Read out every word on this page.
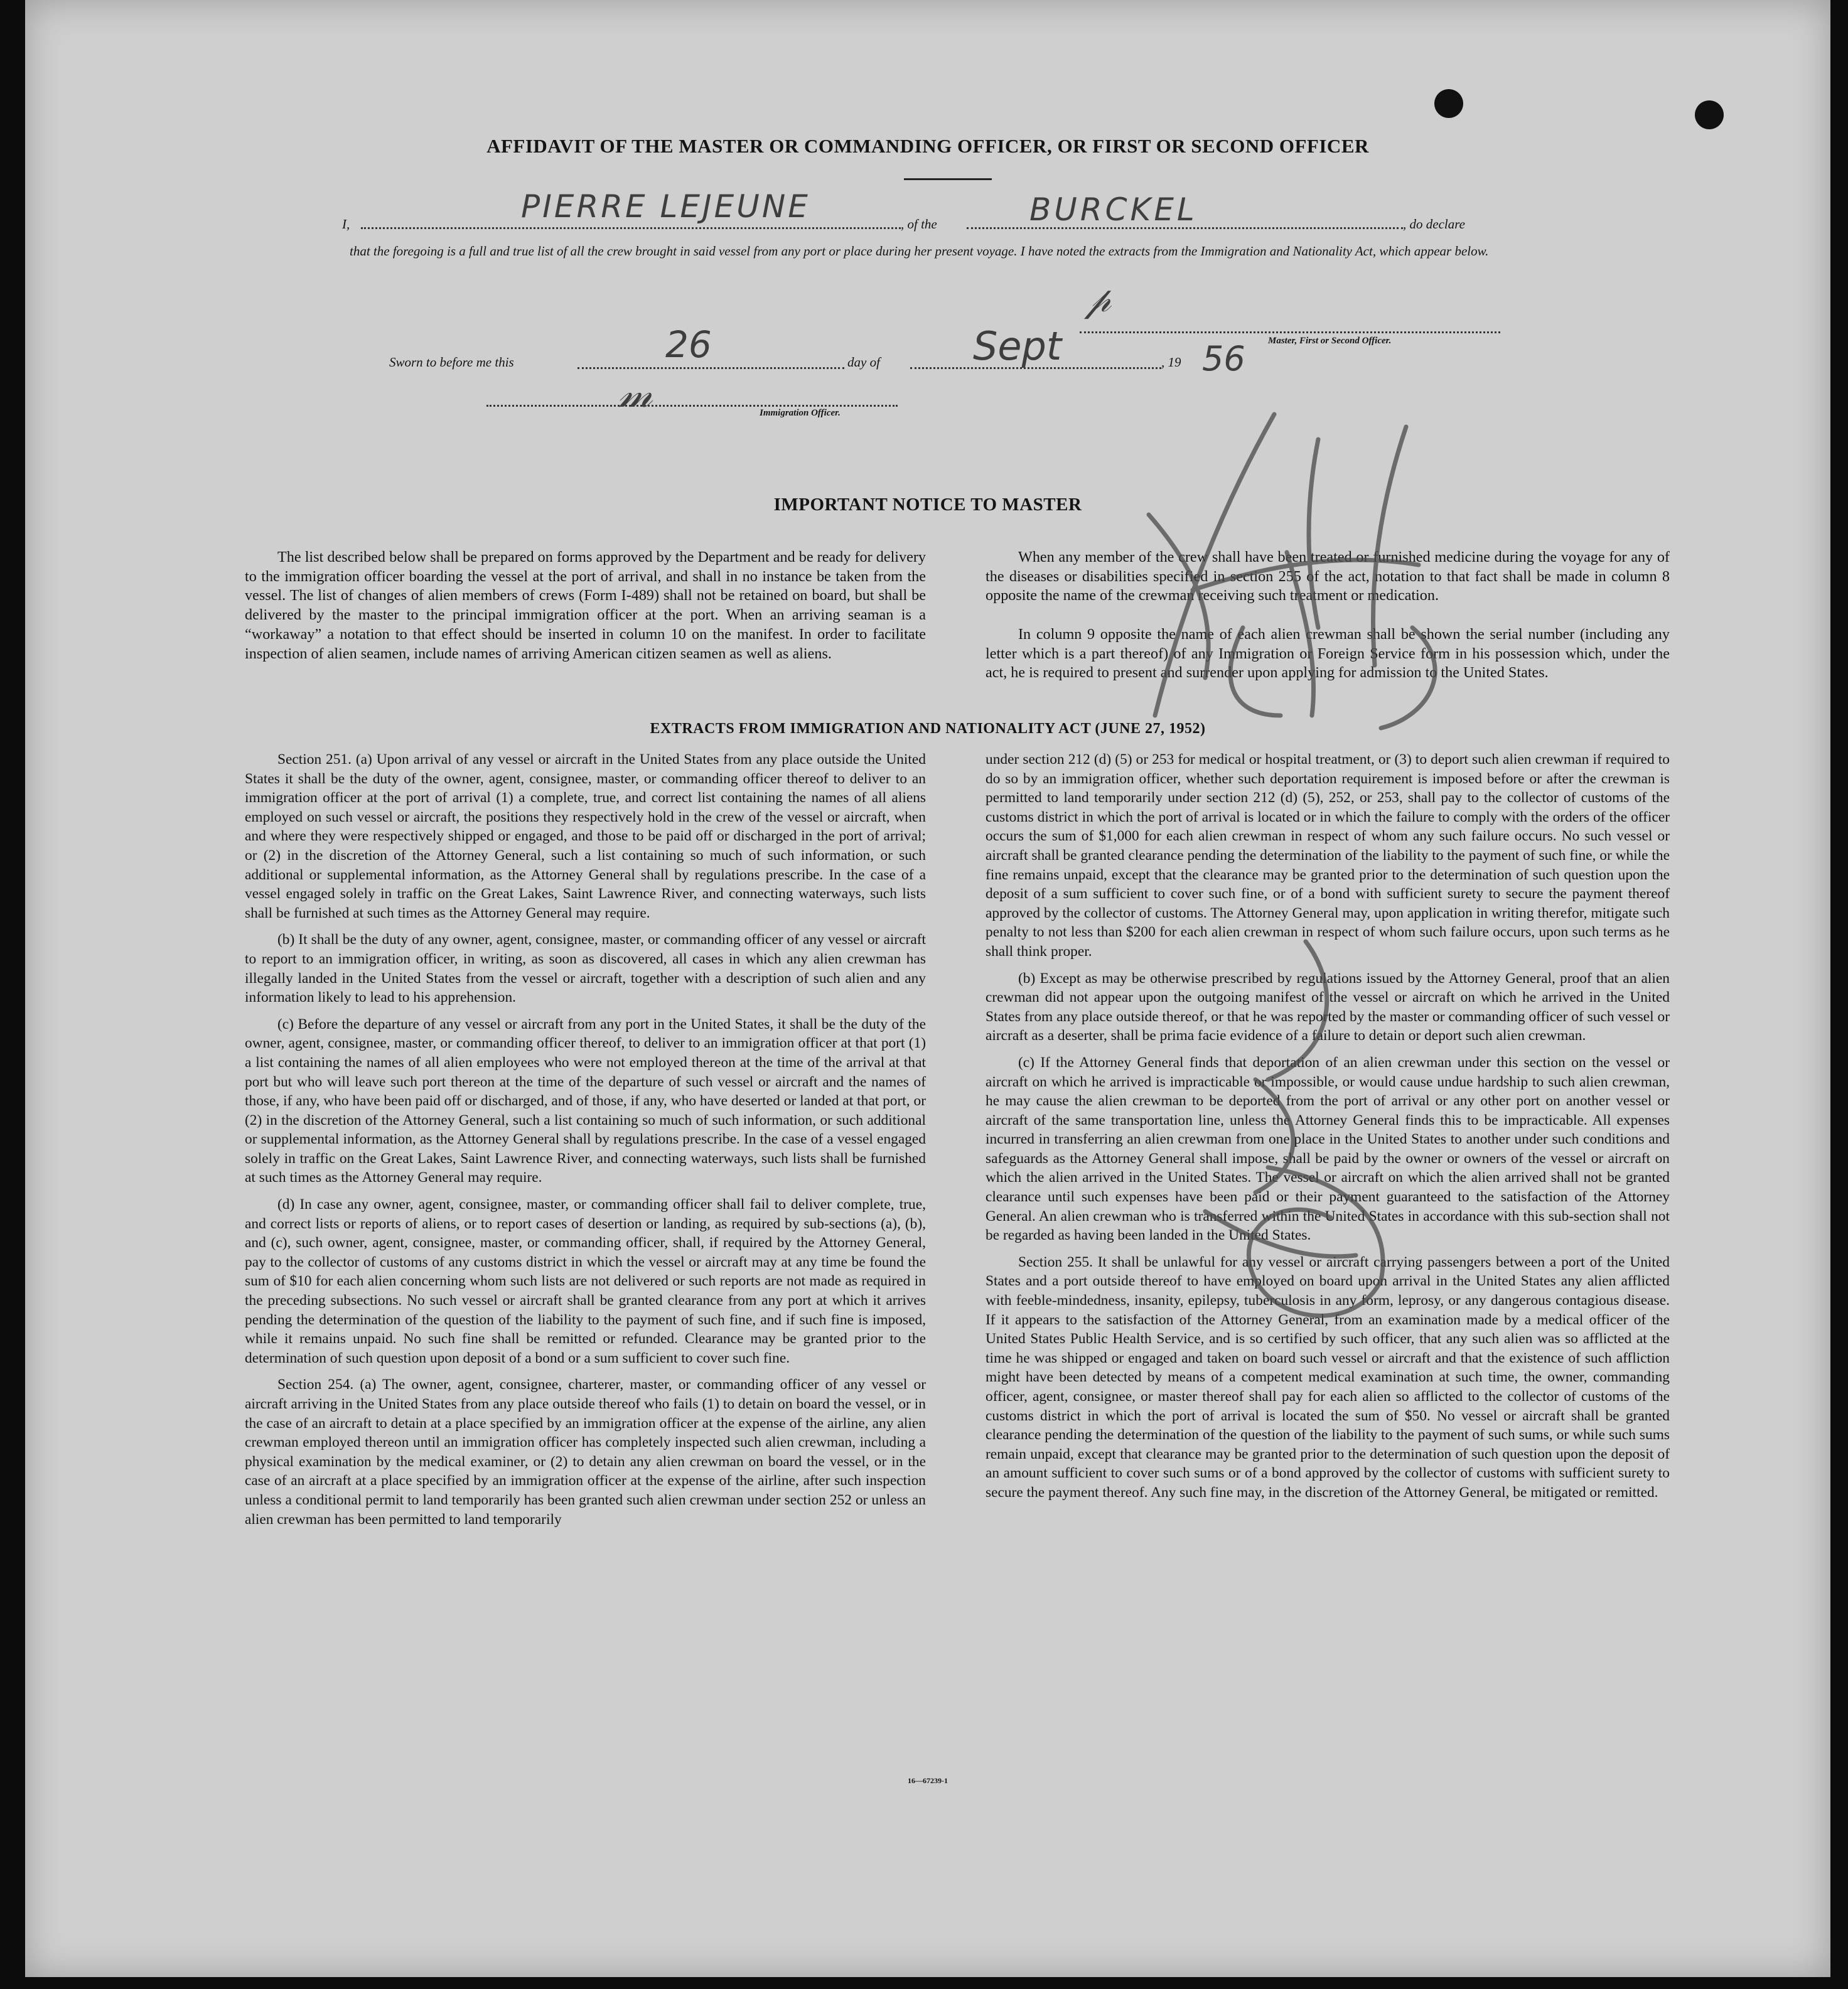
AFFIDAVIT OF THE MASTER OR COMMANDING OFFICER, OR FIRST OR SECOND OFFICER
I,	PIERRE LEJEUNE	, of the	BURCKEL	, do declare
that the foregoing is a full and true list of all the crew brought in said vessel from any port or place during her present voyage. I have noted the extracts from the Immigration and Nationality Act, which appear below.
𝓅
Master, First or Second Officer.
Sworn to before me this	26	day of Sept	, 19 56
𝓂	Immigration Officer.
IMPORTANT NOTICE TO MASTER

The list described below shall be prepared on forms approved by the Department and be ready for delivery to the immigration officer boarding the vessel at the port of arrival, and shall in no instance be taken from the vessel. The list of changes of alien members of crews (Form I-489) shall not be retained on board, but shall be delivered by the master to the principal immigration officer at the port. When an arriving seaman is a “workaway” a notation to that effect should be inserted in column 10 on the manifest. In order to facilitate inspection of alien seamen, include names of arriving American citizen seamen as well as aliens.

When any member of the crew shall have been treated or furnished medicine during the voyage for any of the diseases or disabilities specified in section 255 of the act, notation to that fact shall be made in column 8 opposite the name of the crewman receiving such treatment or medication.

In column 9 opposite the name of each alien crewman shall be shown the serial number (including any letter which is a part thereof) of any Immigration or Foreign Service form in his possession which, under the act, he is required to present and surrender upon applying for admission to the United States.

EXTRACTS FROM IMMIGRATION AND NATIONALITY ACT (JUNE 27, 1952)

Section 251. (a) Upon arrival of any vessel or aircraft in the United States from any place outside the United States it shall be the duty of the owner, agent, consignee, master, or commanding officer thereof to deliver to an immigration officer at the port of arrival (1) a complete, true, and correct list containing the names of all aliens employed on such vessel or aircraft, the positions they respectively hold in the crew of the vessel or aircraft, when and where they were respectively shipped or engaged, and those to be paid off or discharged in the port of arrival; or (2) in the discretion of the Attorney General, such a list containing so much of such information, or such additional or supplemental information, as the Attorney General shall by regulations prescribe. In the case of a vessel engaged solely in traffic on the Great Lakes, Saint Lawrence River, and connecting waterways, such lists shall be furnished at such times as the Attorney General may require.

(b) It shall be the duty of any owner, agent, consignee, master, or commanding officer of any vessel or aircraft to report to an immigration officer, in writing, as soon as discovered, all cases in which any alien crewman has illegally landed in the United States from the vessel or aircraft, together with a description of such alien and any information likely to lead to his apprehension.

(c) Before the departure of any vessel or aircraft from any port in the United States, it shall be the duty of the owner, agent, consignee, master, or commanding officer thereof, to deliver to an immigration officer at that port (1) a list containing the names of all alien employees who were not employed thereon at the time of the arrival at that port but who will leave such port thereon at the time of the departure of such vessel or aircraft and the names of those, if any, who have been paid off or discharged, and of those, if any, who have deserted or landed at that port, or (2) in the discretion of the Attorney General, such a list containing so much of such information, or such additional or supplemental information, as the Attorney General shall by regulations prescribe. In the case of a vessel engaged solely in traffic on the Great Lakes, Saint Lawrence River, and connecting waterways, such lists shall be furnished at such times as the Attorney General may require.

(d) In case any owner, agent, consignee, master, or commanding officer shall fail to deliver complete, true, and correct lists or reports of aliens, or to report cases of desertion or landing, as required by sub-sections (a), (b), and (c), such owner, agent, consignee, master, or commanding officer, shall, if required by the Attorney General, pay to the collector of customs of any customs district in which the vessel or aircraft may at any time be found the sum of $10 for each alien concerning whom such lists are not delivered or such reports are not made as required in the preceding subsections. No such vessel or aircraft shall be granted clearance from any port at which it arrives pending the determination of the question of the liability to the payment of such fine, and if such fine is imposed, while it remains unpaid. No such fine shall be remitted or refunded. Clearance may be granted prior to the determination of such question upon deposit of a bond or a sum sufficient to cover such fine.

Section 254. (a) The owner, agent, consignee, charterer, master, or commanding officer of any vessel or aircraft arriving in the United States from any place outside thereof who fails (1) to detain on board the vessel, or in the case of an aircraft to detain at a place specified by an immigration officer at the expense of the airline, any alien crewman employed thereon until an immigration officer has completely inspected such alien crewman, including a physical examination by the medical examiner, or (2) to detain any alien crewman on board the vessel, or in the case of an aircraft at a place specified by an immigration officer at the expense of the airline, after such inspection unless a conditional permit to land temporarily has been granted such alien crewman under section 252 or unless an alien crewman has been permitted to land temporarily

under section 212 (d) (5) or 253 for medical or hospital treatment, or (3) to deport such alien crewman if required to do so by an immigration officer, whether such deportation requirement is imposed before or after the crewman is permitted to land temporarily under section 212 (d) (5), 252, or 253, shall pay to the collector of customs of the customs district in which the port of arrival is located or in which the failure to comply with the orders of the officer occurs the sum of $1,000 for each alien crewman in respect of whom any such failure occurs. No such vessel or aircraft shall be granted clearance pending the determination of the liability to the payment of such fine, or while the fine remains unpaid, except that the clearance may be granted prior to the determination of such question upon the deposit of a sum sufficient to cover such fine, or of a bond with sufficient surety to secure the payment thereof approved by the collector of customs. The Attorney General may, upon application in writing therefor, mitigate such penalty to not less than $200 for each alien crewman in respect of whom such failure occurs, upon such terms as he shall think proper.

(b) Except as may be otherwise prescribed by regulations issued by the Attorney General, proof that an alien crewman did not appear upon the outgoing manifest of the vessel or aircraft on which he arrived in the United States from any place outside thereof, or that he was reported by the master or commanding officer of such vessel or aircraft as a deserter, shall be prima facie evidence of a failure to detain or deport such alien crewman.

(c) If the Attorney General finds that deportation of an alien crewman under this section on the vessel or aircraft on which he arrived is impracticable or impossible, or would cause undue hardship to such alien crewman, he may cause the alien crewman to be deported from the port of arrival or any other port on another vessel or aircraft of the same transportation line, unless the Attorney General finds this to be impracticable. All expenses incurred in transferring an alien crewman from one place in the United States to another under such conditions and safeguards as the Attorney General shall impose, shall be paid by the owner or owners of the vessel or aircraft on which the alien arrived in the United States. The vessel or aircraft on which the alien arrived shall not be granted clearance until such expenses have been paid or their payment guaranteed to the satisfaction of the Attorney General. An alien crewman who is transferred within the United States in accordance with this sub-section shall not be regarded as having been landed in the United States.

Section 255. It shall be unlawful for any vessel or aircraft carrying passengers between a port of the United States and a port outside thereof to have employed on board upon arrival in the United States any alien afflicted with feeble-mindedness, insanity, epilepsy, tuberculosis in any form, leprosy, or any dangerous contagious disease. If it appears to the satisfaction of the Attorney General, from an examination made by a medical officer of the United States Public Health Service, and is so certified by such officer, that any such alien was so afflicted at the time he was shipped or engaged and taken on board such vessel or aircraft and that the existence of such affliction might have been detected by means of a competent medical examination at such time, the owner, commanding officer, agent, consignee, or master thereof shall pay for each alien so afflicted to the collector of customs of the customs district in which the port of arrival is located the sum of $50. No vessel or aircraft shall be granted clearance pending the determination of the question of the liability to the payment of such sums, or while such sums remain unpaid, except that clearance may be granted prior to the determination of such question upon the deposit of an amount sufficient to cover such sums or of a bond approved by the collector of customs with sufficient surety to secure the payment thereof. Any such fine may, in the discretion of the Attorney General, be mitigated or remitted.

16—67239-1
